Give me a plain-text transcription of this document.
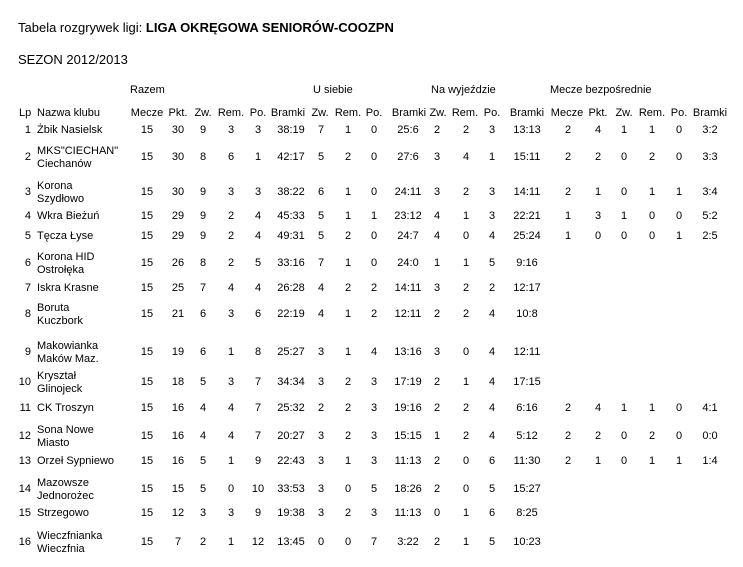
Tabela rozgrywek ligi: LIGA OKRĘGOWA SENIORÓW-COOZPN
SEZON 2012/2013
Razem	U siebie	Na wyjeździe	Mecze bezpośrednie
Lp Nazwa klubu	Mecze Pkt. Zw. Rem. Po. Bramki Zw. Rem. Po. Bramki Zw. Rem. Po. Bramki Mecze Pkt. Zw. Rem. Po. Bramki
1 Żbik Nasielsk	15 30 9 3 3 38:19 7 1 0 25:6 2 2 3 13:13 2 4 1 1 0 3:2
2 MKS"CIECHAN"
Ciechanów
15 30 8 6 1 42:17 5 2 0 27:6 3 4 1 15:11 2 2 0 2 0 3:3
3 Korona
Szydłowo
15 30 9 3 3 38:22 6 1 0 24:11 3 2 3 14:11 2 1 0 1 1 3:4
4 Wkra Bieżuń	15 29 9 2 4 45:33 5 1 1 23:12 4 1 3 22:21 1 3 1 0 0 5:2
5 Tęcza Łyse	15 29 9 2 4 49:31 5 2 0 24:7 4 0 4 25:24 1 0 0 0 1 2:5
6 Korona HID
Ostrołęka
15 26 8 2 5 33:16 7 1 0 24:0 1 1 5 9:16
7 Iskra Krasne	15 25 7 4 4 26:28 4 2 2 14:11 3 2 2 12:17
8 Boruta
Kuczbork
15 21 6 3 6 22:19 4 1 2 12:11 2 2 4 10:8
9 Makowianka
Maków Maz.
15 19 6 1 8 25:27 3 1 4 13:16 3 0 4 12:11
10 Kryształ
Glinojeck
15 18 5 3 7 34:34 3 2 3 17:19 2 1 4 17:15
11 CK Troszyn	15 16 4 4 7 25:32 2 2 3 19:16 2 2 4 6:16 2 4 1 1 0 4:1
12 Sona Nowe
Miasto
15 16 4 4 7 20:27 3 2 3 15:15 1 2 4 5:12 2 2 0 2 0 0:0
13 Orzeł Sypniewo	15 16 5 1 9 22:43 3 1 3 11:13 2 0 6 11:30 2 1 0 1 1 1:4
14 Mazowsze
Jednorożec
15 15 5 0 10 33:53 3 0 5 18:26 2 0 5 15:27
15 Strzegowo	15 12 3 3 9 19:38 3 2 3 11:13 0 1 6 8:25
16 Wieczfnianka
Wieczfnia
15 7 2 1 12 13:45 0 0 7 3:22 2 1 5 10:23
